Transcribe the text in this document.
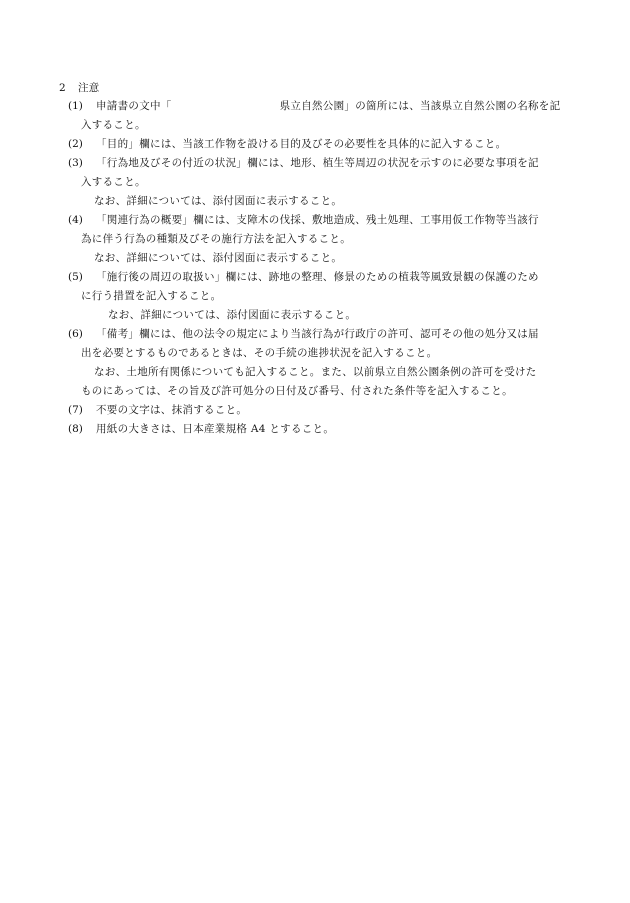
2 注意
(1) 申請書の文中「　　　　　　　　　　県立自然公園」の箇所には、当該県立自然公園の名称を記
入すること。
(2) 「目的」欄には、当該工作物を設ける目的及びその必要性を具体的に記入すること。
(3) 「行為地及びその付近の状況」欄には、地形、植生等周辺の状況を示すのに必要な事項を記
入すること。
なお、詳細については、添付図面に表示すること。
(4) 「関連行為の概要」欄には、支障木の伐採、敷地造成、残土処理、工事用仮工作物等当該行
為に伴う行為の種類及びその施行方法を記入すること。
なお、詳細については、添付図面に表示すること。
(5) 「施行後の周辺の取扱い」欄には、跡地の整理、修景のための植栽等風致景観の保護のため
に行う措置を記入すること。
なお、詳細については、添付図面に表示すること。
(6) 「備考」欄には、他の法令の規定により当該行為が行政庁の許可、認可その他の処分又は届
出を必要とするものであるときは、その手続の進捗状況を記入すること。
なお、土地所有関係についても記入すること。また、以前県立自然公園条例の許可を受けた
ものにあっては、その旨及び許可処分の日付及び番号、付された条件等を記入すること。
(7) 不要の文字は、抹消すること。
(8) 用紙の大きさは、日本産業規格 A4 とすること。
